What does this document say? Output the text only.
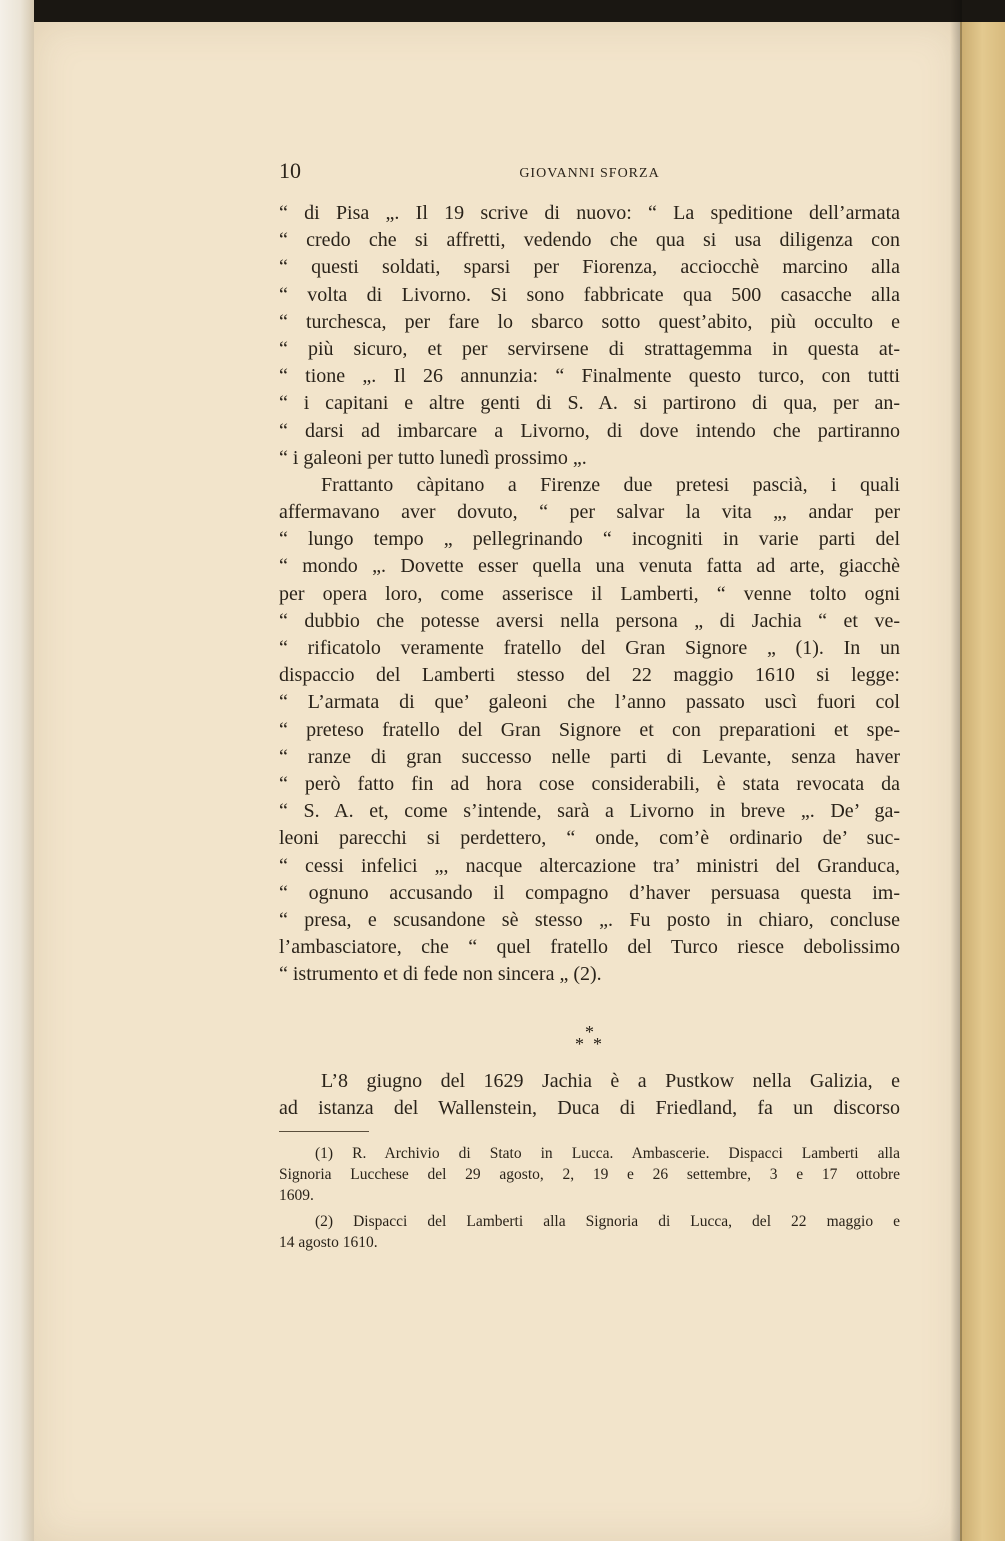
10	GIOVANNI SFORZA
“ di Pisa „. Il 19 scrive di nuovo: “ La speditione dell’armata
“ credo che si affretti, vedendo che qua si usa diligenza con
“ questi soldati, sparsi per Fiorenza, acciocchè marcino alla
“ volta di Livorno. Si sono fabbricate qua 500 casacche alla
“ turchesca, per fare lo sbarco sotto quest’abito, più occulto e
“ più sicuro, et per servirsene di strattagemma in questa at-
“ tione „. Il 26 annunzia: “ Finalmente questo turco, con tutti
“ i capitani e altre genti di S. A. si partirono di qua, per an-
“ darsi ad imbarcare a Livorno, di dove intendo che partiranno
“ i galeoni per tutto lunedì prossimo „.
Frattanto càpitano a Firenze due pretesi pascià, i quali
affermavano aver dovuto, “ per salvar la vita „, andar per
“ lungo tempo „ pellegrinando “ incogniti in varie parti del
“ mondo „. Dovette esser quella una venuta fatta ad arte, giacchè
per opera loro, come asserisce il Lamberti, “ venne tolto ogni
“ dubbio che potesse aversi nella persona „ di Jachia “ et ve-
“ rificatolo veramente fratello del Gran Signore „ (1). In un
dispaccio del Lamberti stesso del 22 maggio 1610 si legge:
“ L’armata di que’ galeoni che l’anno passato uscì fuori col
“ preteso fratello del Gran Signore et con preparationi et spe-
“ ranze di gran successo nelle parti di Levante, senza haver
“ però fatto fin ad hora cose considerabili, è stata revocata da
“ S. A. et, come s’intende, sarà a Livorno in breve „. De’ ga-
leoni parecchi si perdettero, “ onde, com’è ordinario de’ suc-
“ cessi infelici „, nacque altercazione tra’ ministri del Granduca,
“ ognuno accusando il compagno d’haver persuasa questa im-
“ presa, e scusandone sè stesso „. Fu posto in chiaro, concluse
l’ambasciatore, che “ quel fratello del Turco riesce debolissimo
“ istrumento et di fede non sincera „ (2).
*
* *
L’8 giugno del 1629 Jachia è a Pustkow nella Galizia, e
ad istanza del Wallenstein, Duca di Friedland, fa un discorso
(1) R. Archivio di Stato in Lucca. Ambascerie. Dispacci Lamberti alla
Signoria Lucchese del 29 agosto, 2, 19 e 26 settembre, 3 e 17 ottobre
1609.
(2) Dispacci del Lamberti alla Signoria di Lucca, del 22 maggio e
14 agosto 1610.
